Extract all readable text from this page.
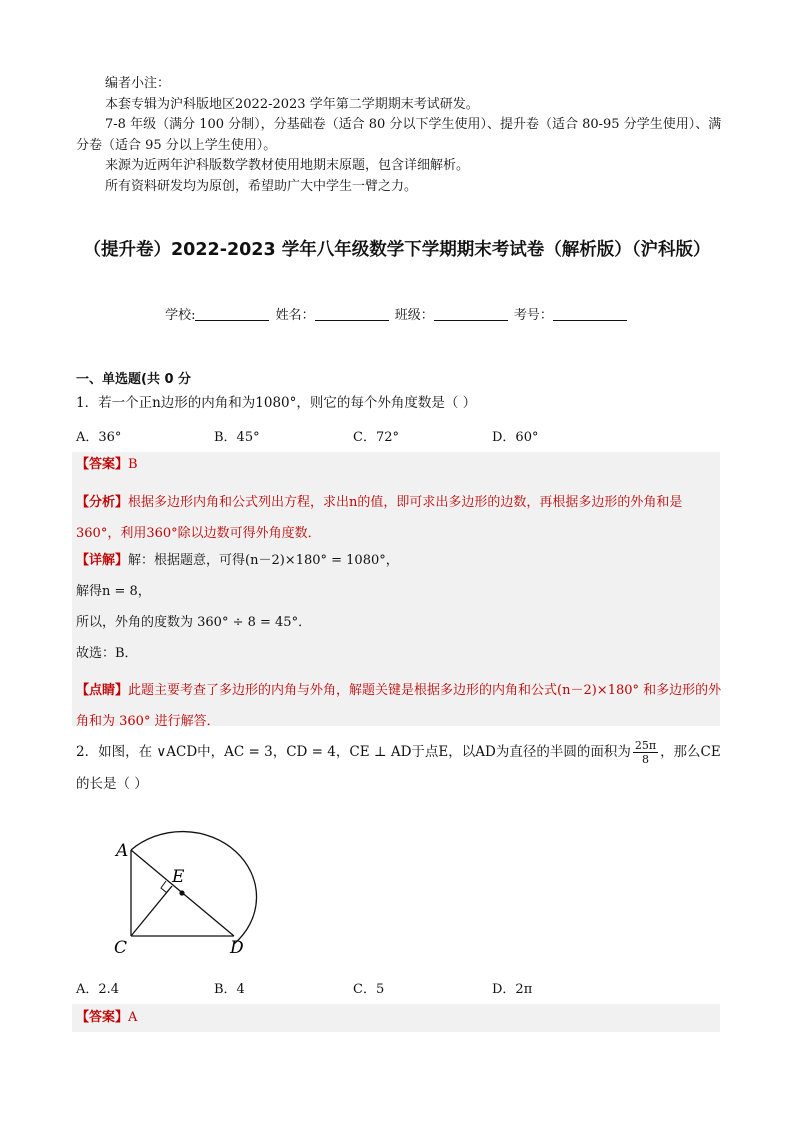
编者小注：

本套专辑为沪科版地区2022-2023 学年第二学期期末考试研发。

7-8 年级（满分 100 分制），分基础卷（适合 80 分以下学生使用）、提升卷（适合 80-95 分学生使用）、满分卷（适合 95 分以上学生使用）。

来源为近两年沪科版数学教材使用地期末原题，包含详细解析。

所有资料研发均为原创，希望助广大中学生一臂之力。

（提升卷）2022-2023 学年八年级数学下学期期末考试卷（解析版）（沪科版）
学校:	姓名：	班级：	考号：
一、单选题(共 0 分
1．若一个正n边形的内角和为1080°，则它的每个外角度数是（ ）
A．36°	B．45°	C．72°	D．60°
【答案】B
【分析】根据多边形内角和公式列出方程，求出n的值，即可求出多边形的边数，再根据多边形的外角和是 360°，利用360°除以边数可得外角度数．
【详解】解：根据题意，可得(n－2)×180° = 1080°，
解得n = 8，
所以，外角的度数为 360° ÷ 8 = 45°．
故选：B．
【点睛】此题主要考查了多边形的内角与外角，解题关键是根据多边形的内角和公式(n－2)×180° 和多边形的外角和为 360° 进行解答．
2．如图，在 ∨ACD中，AC = 3，CD = 4，CE ⊥ AD于点E，以AD为直径的半圆的面积为 $\frac{25\pi}{8}$ ，那么CE
的长是（ ）
A
E
C	D
A．2.4	B．4	C．5	D．2π
【答案】A
